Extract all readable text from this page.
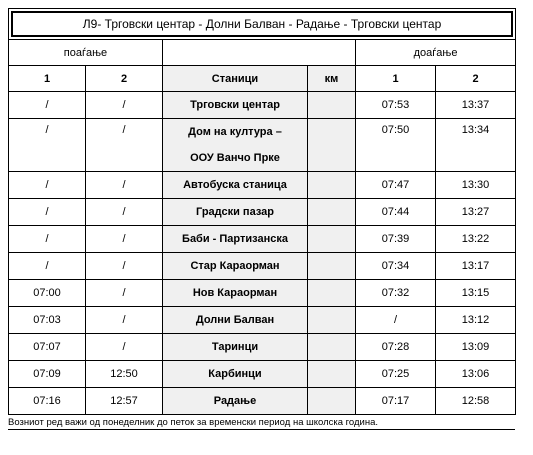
Л9- Трговски центар - Долни Балван - Радање - Трговски центар					

поаѓање				доаѓање	
1	2	Станици	км	1	2
/	/	Трговски центар		07:53	13:37
/	/	Дом на култура –
ООУ Ванчо Прке		07:50	13:34
/	/	Автобуска станица		07:47	13:30
/	/	Градски пазар		07:44	13:27
/	/	Баби - Партизанска		07:39	13:22
/	/	Стар Караорман		07:34	13:17
07:00	/	Нов Караорман		07:32	13:15
07:03	/	Долни Балван		/	13:12
07:07	/	Таринци		07:28	13:09
07:09	12:50	Карбинци		07:25	13:06
07:16	12:57	Радање		07:17	12:58
Возниот ред важи од понеделник до петок за временски период на школска година.
